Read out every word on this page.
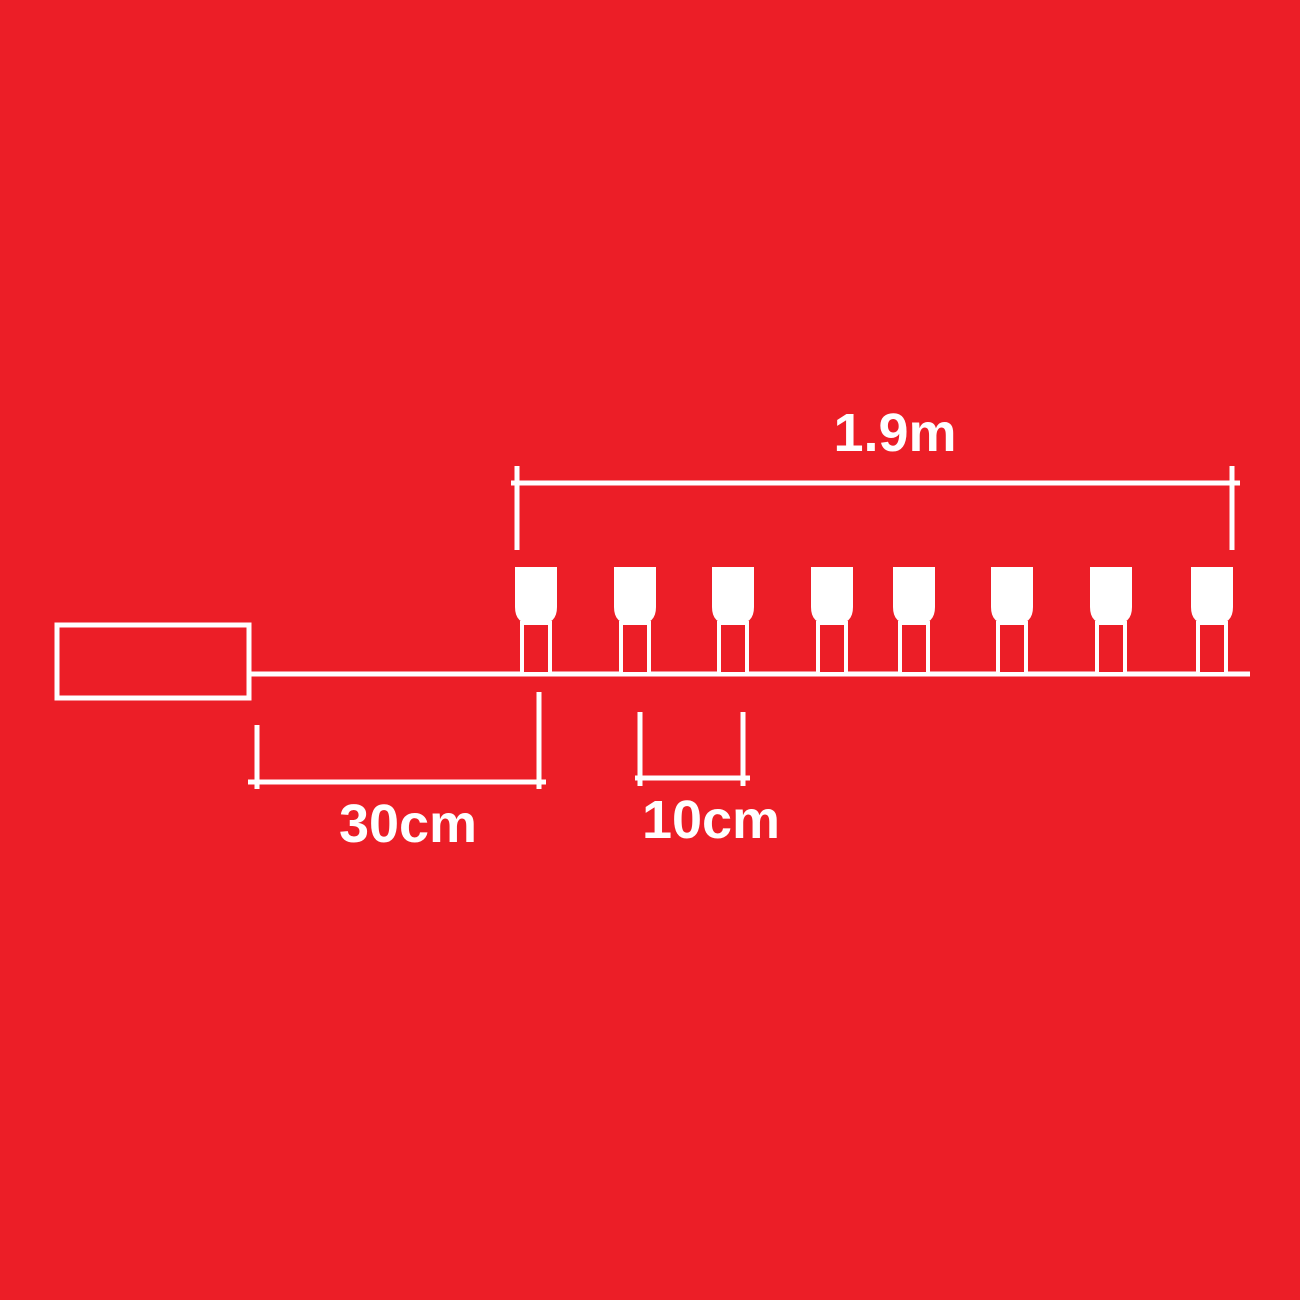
1.9m
30cm	10cm
